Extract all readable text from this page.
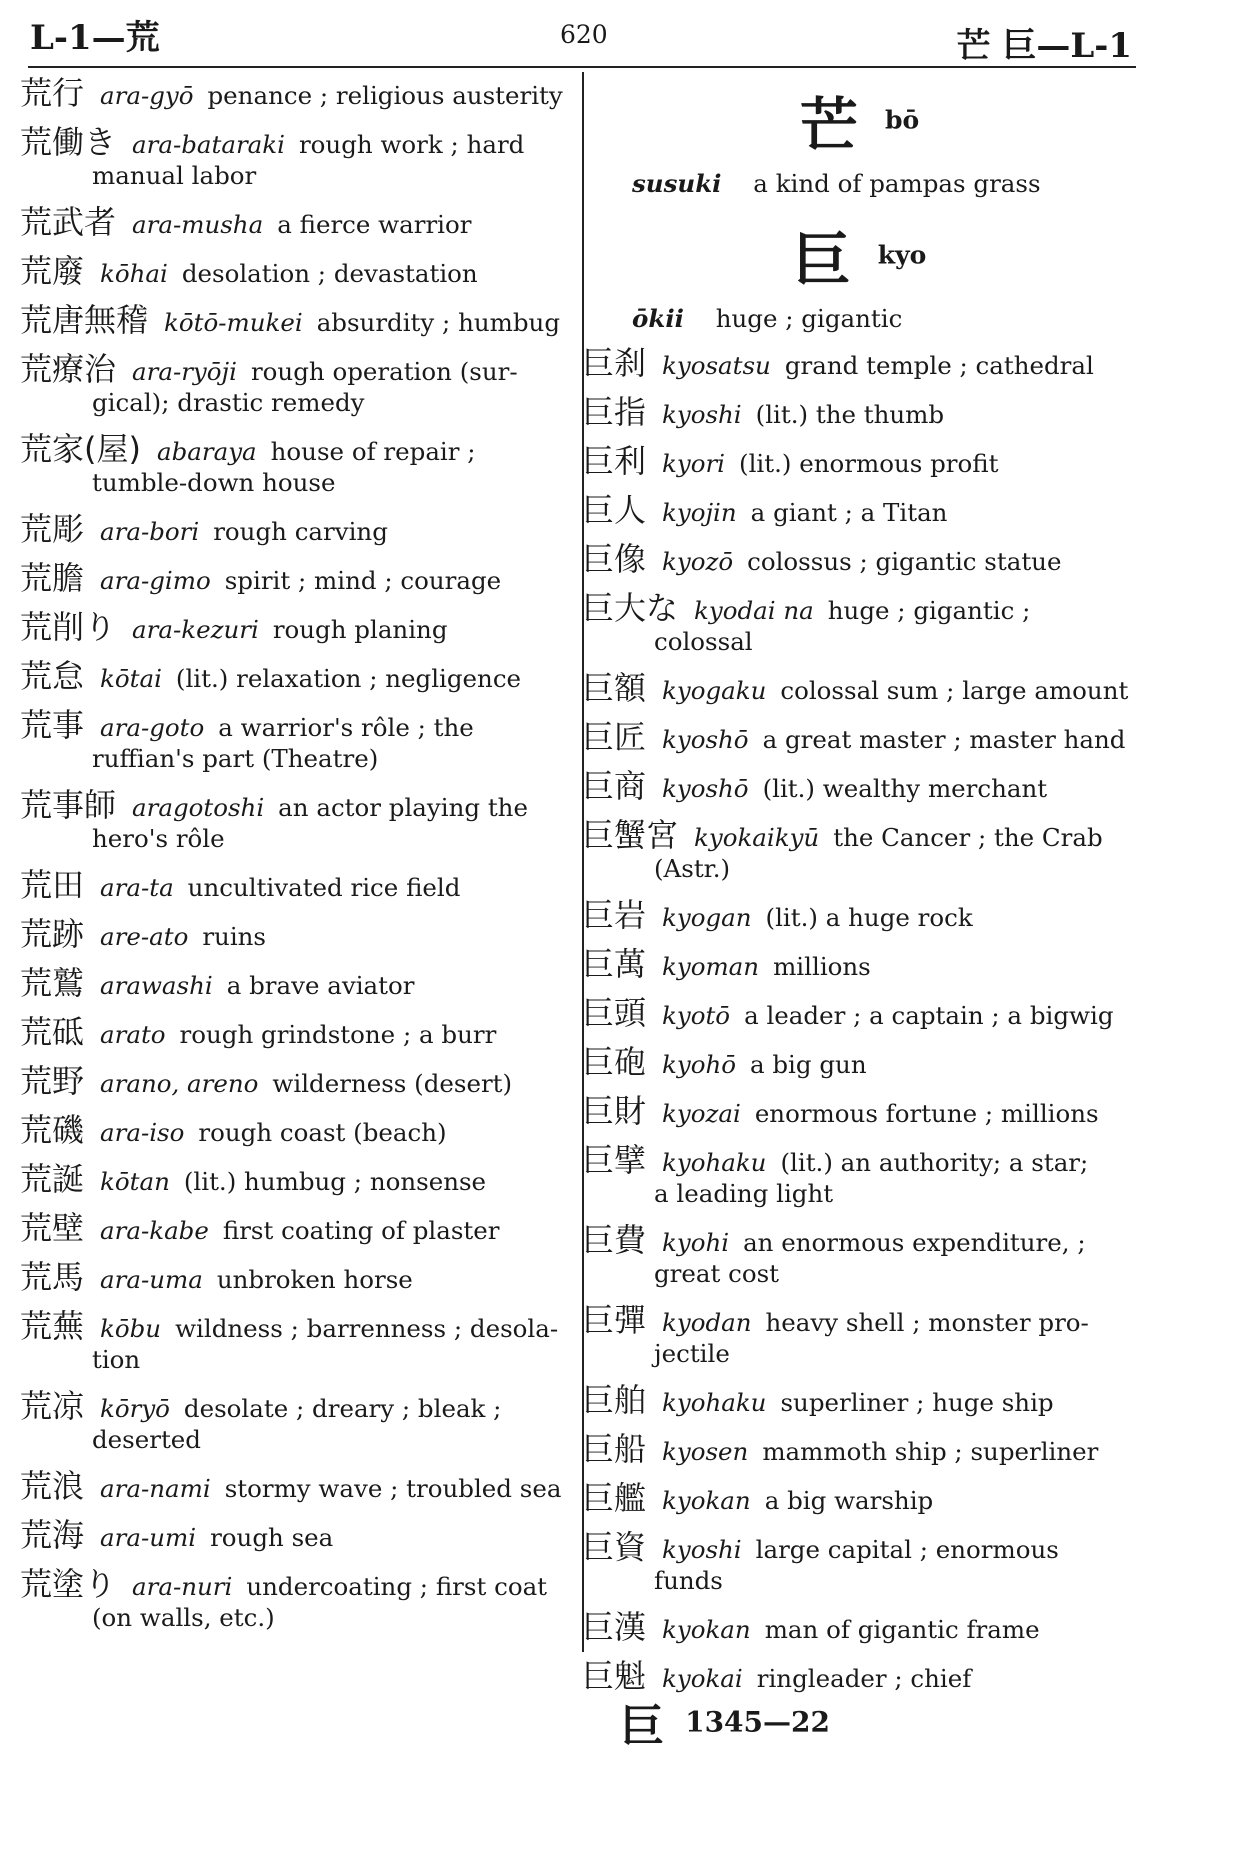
L-1—荒	620	芒 巨—L-1
荒行 ara-gyō penance ; religious austerity
荒働き ara-bataraki rough work ; hard
manual labor
荒武者 ara-musha a fierce warrior
荒廢 kōhai desolation ; devastation
荒唐無稽 kōtō-mukei absurdity ; humbug
荒療治 ara-ryōji rough operation (sur-
gical); drastic remedy
荒家(屋) abaraya house of repair ;
tumble-down house
荒彫 ara-bori rough carving
荒膽 ara-gimo spirit ; mind ; courage
荒削り ara-kezuri rough planing
荒怠 kōtai (lit.) relaxation ; negligence
荒事 ara-goto a warrior's rôle ; the
ruffian's part (Theatre)
荒事師 aragotoshi an actor playing the
hero's rôle
荒田 ara-ta uncultivated rice field
荒跡 are-ato ruins
荒鷲 arawashi a brave aviator
荒砥 arato rough grindstone ; a burr
荒野 arano, areno wilderness (desert)
荒磯 ara-iso rough coast (beach)
荒誕 kōtan (lit.) humbug ; nonsense
荒壁 ara-kabe first coating of plaster
荒馬 ara-uma unbroken horse
荒蕪 kōbu wildness ; barrenness ; desola-
tion
荒凉 kōryō desolate ; dreary ; bleak ;
deserted
荒浪 ara-nami stormy wave ; troubled sea
荒海 ara-umi rough sea
荒塗り ara-nuri undercoating ; first coat
(on walls, etc.)
芒 bō
susuki a kind of pampas grass
巨 kyo
ōkii huge ; gigantic
巨刹 kyosatsu grand temple ; cathedral
巨指 kyoshi (lit.) the thumb
巨利 kyori (lit.) enormous profit
巨人 kyojin a giant ; a Titan
巨像 kyozō colossus ; gigantic statue
巨大な kyodai na huge ; gigantic ;
colossal
巨額 kyogaku colossal sum ; large amount
巨匠 kyoshō a great master ; master hand
巨商 kyoshō (lit.) wealthy merchant
巨蟹宮 kyokaikyū the Cancer ; the Crab
(Astr.)
巨岩 kyogan (lit.) a huge rock
巨萬 kyoman millions
巨頭 kyotō a leader ; a captain ; a bigwig
巨砲 kyohō a big gun
巨財 kyozai enormous fortune ; millions
巨擘 kyohaku (lit.) an authority; a star;
a leading light
巨費 kyohi an enormous expenditure, ;
great cost
巨彈 kyodan heavy shell ; monster pro-
jectile
巨舶 kyohaku superliner ; huge ship
巨船 kyosen mammoth ship ; superliner
巨艦 kyokan a big warship
巨資 kyoshi large capital ; enormous
funds
巨漢 kyokan man of gigantic frame
巨魁 kyokai ringleader ; chief
巨 1345—22
